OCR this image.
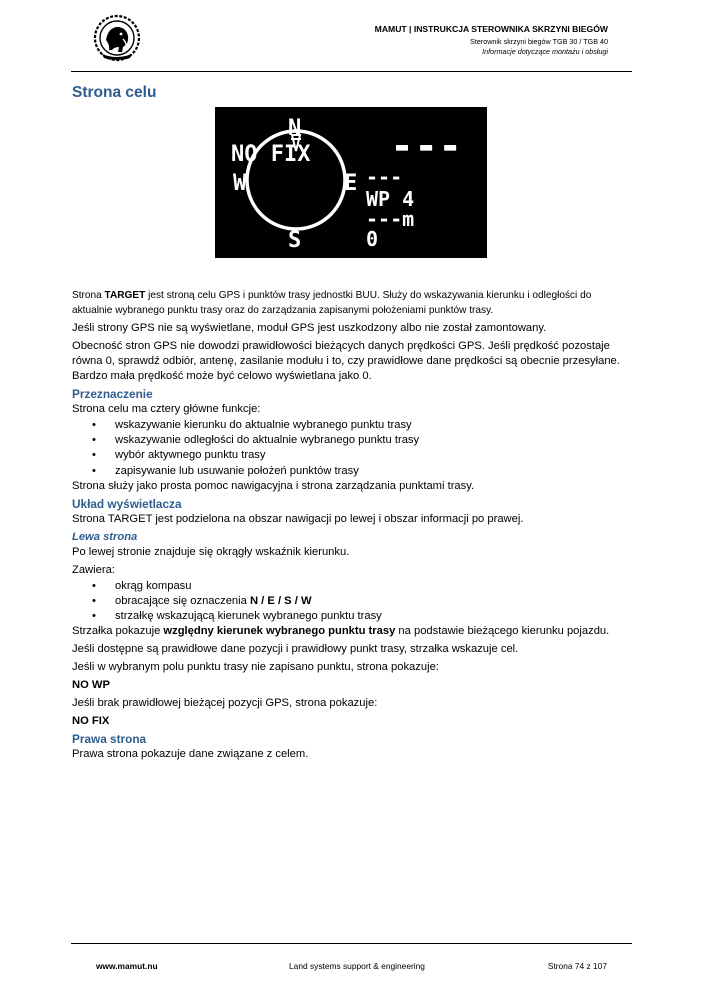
MAMUT | INSTRUKCJA STEROWNIKA SKRZYNI BIEGÓW
Sterownik skrzyni biegów TGB 30 / TGB 40
Informacje dotyczące montażu i obsługi
Strona celu
N
S
W	E
NO FIX	▬ ▬ ▬
---
WP 4
---m
0

Strona TARGET jest stroną celu GPS i punktów trasy jednostki BUU. Służy do wskazywania kierunku i odległości do aktualnie wybranego punktu trasy oraz do zarządzania zapisanymi położeniami punktów trasy.

Jeśli strony GPS nie są wyświetlane, moduł GPS jest uszkodzony albo nie został zamontowany.

Obecność stron GPS nie dowodzi prawidłowości bieżących danych prędkości GPS. Jeśli prędkość pozostaje równa 0, sprawdź odbiór, antenę, zasilanie modułu i to, czy prawidłowe dane prędkości są obecnie przesyłane. Bardzo mała prędkość może być celowo wyświetlana jako 0.

Przeznaczenie

Strona celu ma cztery główne funkcje:

• wskazywanie kierunku do aktualnie wybranego punktu trasy
• wskazywanie odległości do aktualnie wybranego punktu trasy
• wybór aktywnego punktu trasy
• zapisywanie lub usuwanie położeń punktów trasy

Strona służy jako prosta pomoc nawigacyjna i strona zarządzania punktami trasy.

Układ wyświetlacza

Strona TARGET jest podzielona na obszar nawigacji po lewej i obszar informacji po prawej.

Lewa strona

Po lewej stronie znajduje się okrągły wskaźnik kierunku.

Zawiera:

• okrąg kompasu
• obracające się oznaczenia N / E / S / W
• strzałkę wskazującą kierunek wybranego punktu trasy

Strzałka pokazuje względny kierunek wybranego punktu trasy na podstawie bieżącego kierunku pojazdu.

Jeśli dostępne są prawidłowe dane pozycji i prawidłowy punkt trasy, strzałka wskazuje cel.

Jeśli w wybranym polu punktu trasy nie zapisano punktu, strona pokazuje:

NO WP

Jeśli brak prawidłowej bieżącej pozycji GPS, strona pokazuje:

NO FIX

Prawa strona

Prawa strona pokazuje dane związane z celem.

www.mamut.nu	Land systems support & engineering	Strona 74 z 107
